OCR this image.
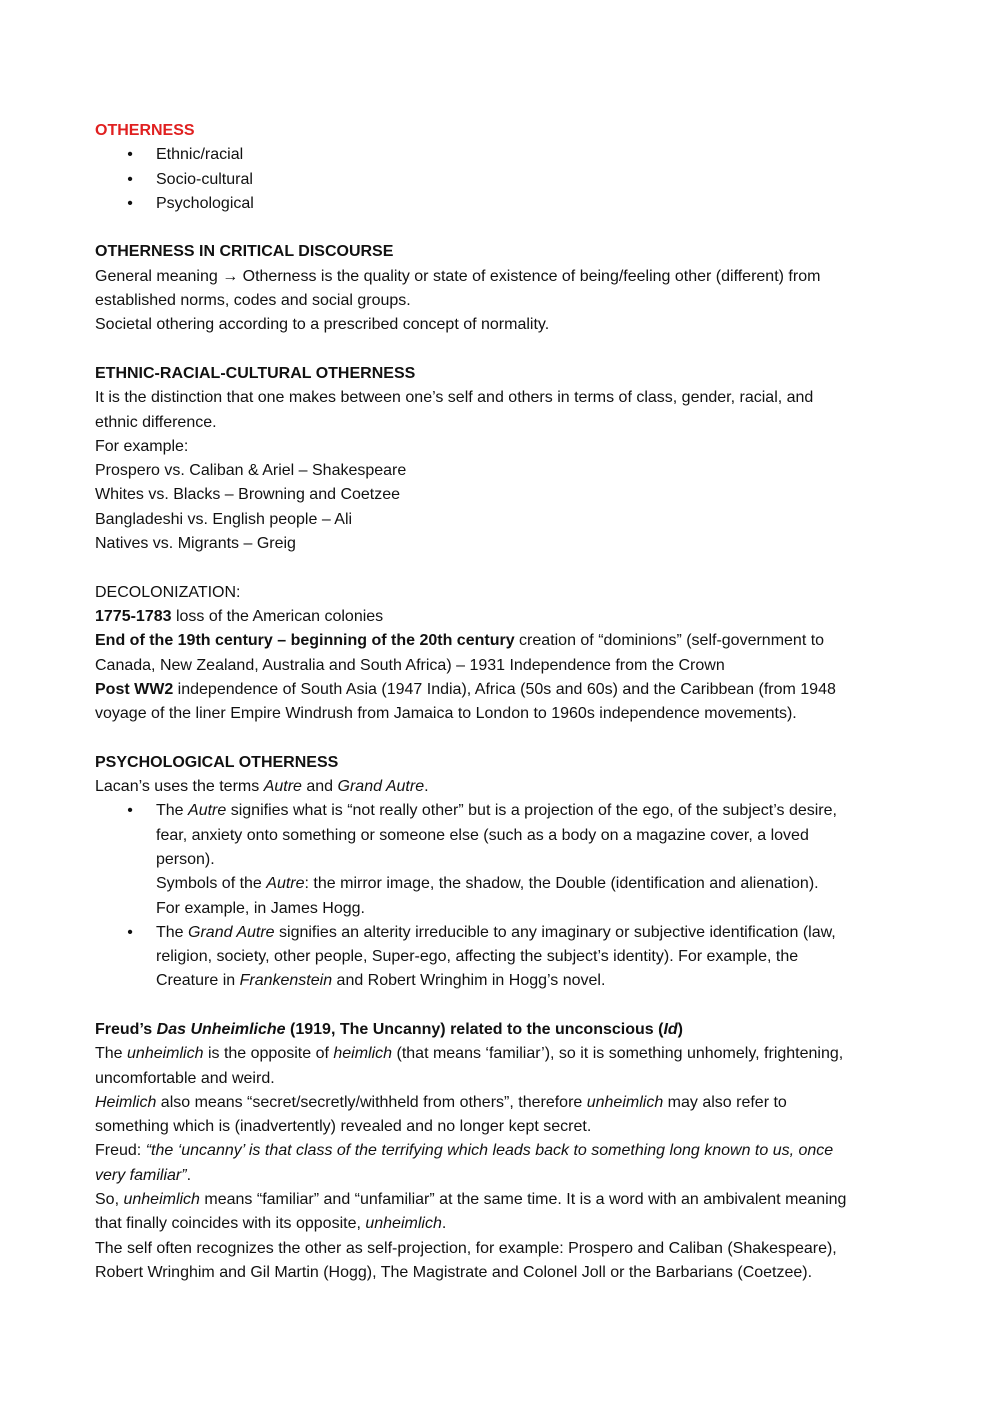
OTHERNESS
• Ethnic/racial
• Socio-cultural
• Psychological
OTHERNESS IN CRITICAL DISCOURSE
General meaning → Otherness is the quality or state of existence of being/feeling other (different) from
established norms, codes and social groups.
Societal othering according to a prescribed concept of normality.
ETHNIC-RACIAL-CULTURAL OTHERNESS
It is the distinction that one makes between one’s self and others in terms of class, gender, racial, and
ethnic difference.
For example:
Prospero vs. Caliban & Ariel – Shakespeare
Whites vs. Blacks – Browning and Coetzee
Bangladeshi vs. English people – Ali
Natives vs. Migrants – Greig
DECOLONIZATION:
1775-1783 loss of the American colonies
End of the 19th century – beginning of the 20th century creation of “dominions” (self-government to
Canada, New Zealand, Australia and South Africa) – 1931 Independence from the Crown
Post WW2 independence of South Asia (1947 India), Africa (50s and 60s) and the Caribbean (from 1948
voyage of the liner Empire Windrush from Jamaica to London to 1960s independence movements).
PSYCHOLOGICAL OTHERNESS
Lacan’s uses the terms Autre and Grand Autre.
• The Autre signifies what is “not really other” but is a projection of the ego, of the subject’s desire,
fear, anxiety onto something or someone else (such as a body on a magazine cover, a loved
person).
Symbols of the Autre: the mirror image, the shadow, the Double (identification and alienation).
For example, in James Hogg.
• The Grand Autre signifies an alterity irreducible to any imaginary or subjective identification (law,
religion, society, other people, Super-ego, affecting the subject’s identity). For example, the
Creature in Frankenstein and Robert Wringhim in Hogg’s novel.
Freud’s Das Unheimliche (1919, The Uncanny) related to the unconscious (Id)
The unheimlich is the opposite of heimlich (that means ‘familiar’), so it is something unhomely, frightening,
uncomfortable and weird.
Heimlich also means “secret/secretly/withheld from others”, therefore unheimlich may also refer to
something which is (inadvertently) revealed and no longer kept secret.
Freud: “the ‘uncanny’ is that class of the terrifying which leads back to something long known to us, once
very familiar”.
So, unheimlich means “familiar” and “unfamiliar” at the same time. It is a word with an ambivalent meaning
that finally coincides with its opposite, unheimlich.
The self often recognizes the other as self-projection, for example: Prospero and Caliban (Shakespeare),
Robert Wringhim and Gil Martin (Hogg), The Magistrate and Colonel Joll or the Barbarians (Coetzee).
